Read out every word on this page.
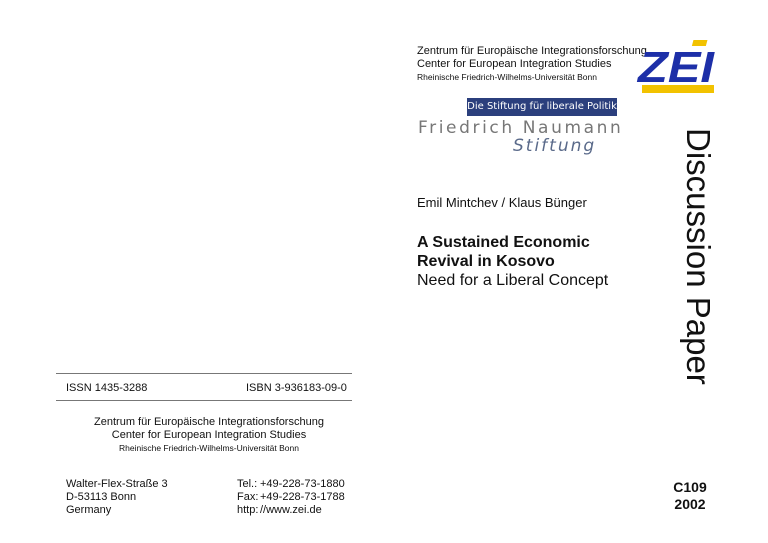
ISSN 1435-3288	ISBN 3-936183-09-0
Zentrum für Europäische Integrationsforschung
Center for European Integration Studies
Rheinische Friedrich-Wilhelms-Universität Bonn
Walter-Flex-Straße 3
D-53113 Bonn
Germany
Tel.: +49-228-73-1880
Fax: +49-228-73-1788
http: //www.zei.de
Zentrum für Europäische Integrationsforschung
Center for European Integration Studies
Rheinische Friedrich-Wilhelms-Universität Bonn ZEI
Die Stiftung für liberale Politik
Friedrich Naumann
Stiftung
Emil Mintchev / Klaus Bünger
A Sustained Economic
Revival in Kosovo
Need for a Liberal Concept Discussion Paper
C109
2002
